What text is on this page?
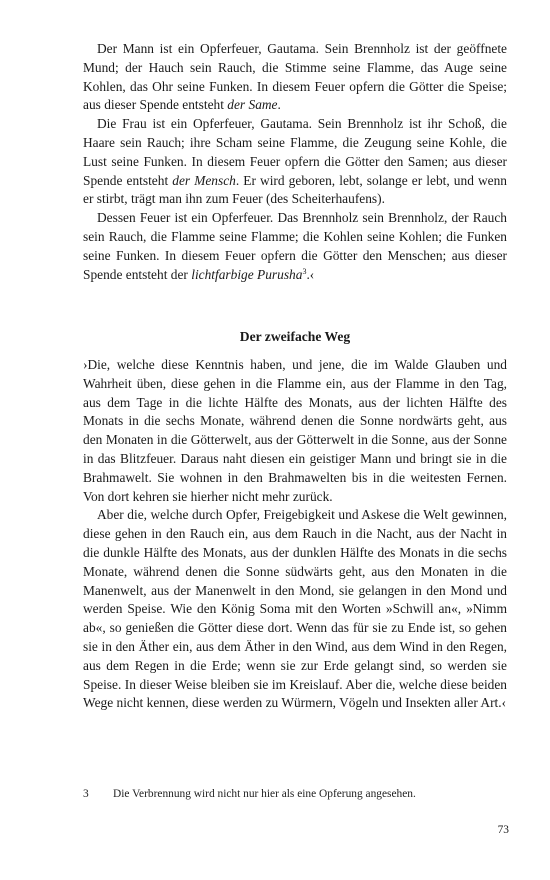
Der Mann ist ein Opferfeuer, Gautama. Sein Brennholz ist der geöffnete Mund; der Hauch sein Rauch, die Stimme seine Flamme, das Auge seine Kohlen, das Ohr seine Funken. In diesem Feuer opfern die Götter die Speise; aus dieser Spende entsteht der Same.

Die Frau ist ein Opferfeuer, Gautama. Sein Brennholz ist ihr Schoß, die Haare sein Rauch; ihre Scham seine Flamme, die Zeugung seine Kohle, die Lust seine Funken. In diesem Feuer opfern die Götter den Samen; aus dieser Spende entsteht der Mensch. Er wird geboren, lebt, solange er lebt, und wenn er stirbt, trägt man ihn zum Feuer (des Scheiterhaufens).

Dessen Feuer ist ein Opferfeuer. Das Brennholz sein Brennholz, der Rauch sein Rauch, die Flamme seine Flamme; die Kohlen seine Kohlen; die Funken seine Funken. In diesem Feuer opfern die Götter den Menschen; aus dieser Spende entsteht der lichtfarbige Purusha$^3$.‹

Der zweifache Weg

›Die, welche diese Kenntnis haben, und jene, die im Walde Glauben und Wahrheit üben, diese gehen in die Flamme ein, aus der Flamme in den Tag, aus dem Tage in die lichte Hälfte des Monats, aus der lichten Hälfte des Monats in die sechs Monate, während denen die Sonne nordwärts geht, aus den Monaten in die Götterwelt, aus der Götterwelt in die Sonne, aus der Sonne in das Blitzfeuer. Daraus naht diesen ein geistiger Mann und bringt sie in die Brahmawelt. Sie wohnen in den Brahmawelten bis in die weitesten Fernen. Von dort kehren sie hierher nicht mehr zurück.

Aber die, welche durch Opfer, Freigebigkeit und Askese die Welt gewinnen, diese gehen in den Rauch ein, aus dem Rauch in die Nacht, aus der Nacht in die dunkle Hälfte des Monats, aus der dunklen Hälfte des Monats in die sechs Monate, während denen die Sonne südwärts geht, aus den Monaten in die Manenwelt, aus der Manenwelt in den Mond, sie gelangen in den Mond und werden Speise. Wie den König Soma mit den Worten »Schwill an«, »Nimm ab«, so genießen die Götter diese dort. Wenn das für sie zu Ende ist, so gehen sie in den Äther ein, aus dem Äther in den Wind, aus dem Wind in den Regen, aus dem Regen in die Erde; wenn sie zur Erde gelangt sind, so werden sie Speise. In dieser Weise bleiben sie im Kreislauf. Aber die, welche diese beiden Wege nicht kennen, diese werden zu Würmern, Vögeln und Insekten aller Art.‹

3 Die Verbrennung wird nicht nur hier als eine Opferung angesehen.
73
